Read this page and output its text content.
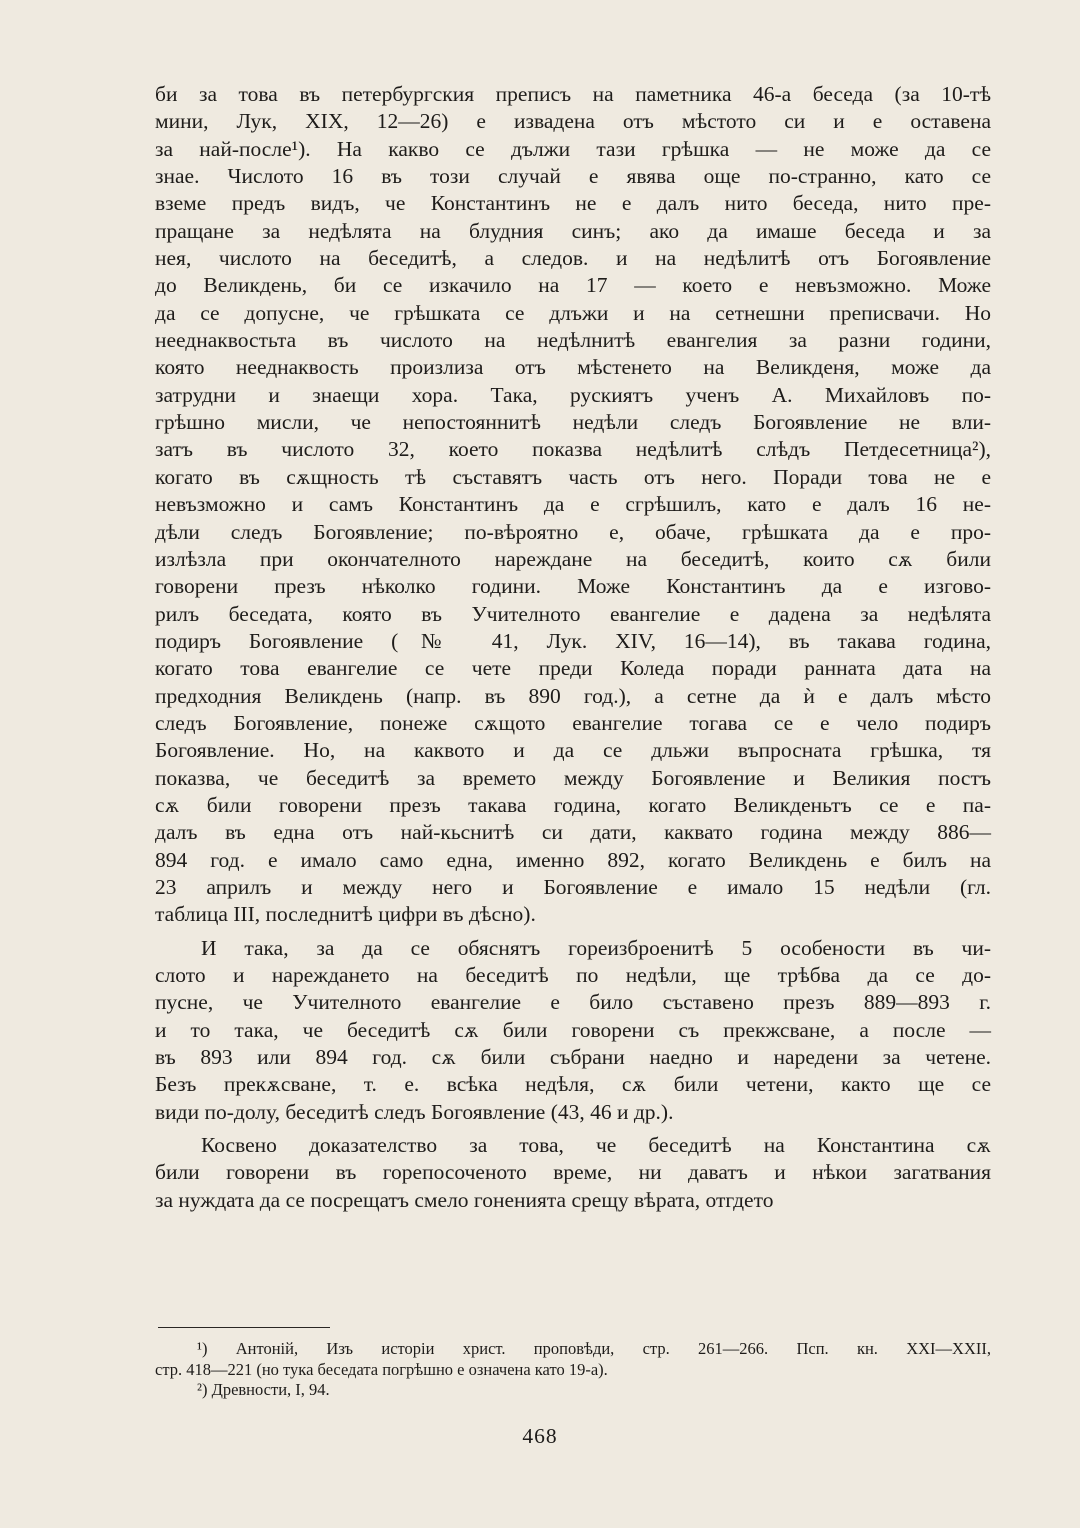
би за това въ петербургския преписъ на паметника 46-а беседа (за 10-тѣ
мини, Лук, XIX, 12—26) е извадена отъ мѣстото си и е оставена
за най-после¹). На какво се дължи тази грѣшка — не може да се
знае. Числото 16 въ този случай е явява още по-странно, като се
вземе предъ видъ, че Константинъ не е далъ нито беседа, нито пре-
пращане за недѣлята на блудния синъ; ако да имаше беседа и за
нея, числото на беседитѣ, а следов. и на недѣлитѣ отъ Богоявление
до Великдень, би се изкачило на 17 — което е невъзможно. Може
да се допусне, че грѣшката се длъжи и на сетнешни преписвачи. Но
нееднаквостьта въ числото на недѣлнитѣ евангелия за разни години,
която нееднаквость произлиза отъ мѣстенето на Великденя, може да
затрудни и знаещи хора. Така, рускиятъ ученъ А. Михайловъ по-
грѣшно мисли, че непостояннитѣ недѣли следъ Богоявление не вли-
затъ въ числото 32, което показва недѣлитѣ слѣдъ Петдесетница²),
когато въ сѫщность тѣ съставятъ часть отъ него. Поради това не е
невъзможно и самъ Константинъ да е сгрѣшилъ, като е далъ 16 не-
дѣли следъ Богоявление; по-вѣроятно е, обаче, грѣшката да е про-
излѣзла при окончателното нареждане на беседитѣ, които сѫ били
говорени презъ нѣколко години. Може Константинъ да е изгово-
рилъ беседата, която въ Учителното евангелие е дадена за недѣлята
подиръ Богоявление (№ 41, Лук. XIV, 16—14), въ такава година,
когато това евангелие се чете преди Коледа поради ранната дата на
предходния Великдень (напр. въ 890 год.), а сетне да ѝ е далъ мѣсто
следъ Богоявление, понеже сѫщото евангелие тогава се е чело подиръ
Богоявление. Но, на каквото и да се дльжи въпросната грѣшка, тя
показва, че беседитѣ за времето между Богоявление и Великия постъ
сѫ били говорени презъ такава година, когато Великденьтъ се е па-
далъ въ една отъ най-кьснитѣ си дати, каквато година между 886—
894 год. е имало само една, именно 892, когато Великдень е билъ на
23 априлъ и между него и Богоявление е имало 15 недѣли (гл.
таблица III, последнитѣ цифри въ дѣсно).
И така, за да се обяснятъ гореизброенитѣ 5 особености въ чи-
слото и нареждането на беседитѣ по недѣли, ще трѣбва да се до-
пусне, че Учителното евангелие е било съставено презъ 889—893 г.
и то така, че беседитѣ сѫ били говорени съ прекжсване, а после —
въ 893 или 894 год. сѫ били събрани наедно и наредени за четене.
Безъ прекѫсване, т. е. всѣка недѣля, сѫ били четени, както ще се
види по-долу, беседитѣ следъ Богоявление (43, 46 и др.).
Косвено доказателство за това, че беседитѣ на Константина сѫ
били говорени въ горепосоченото време, ни даватъ и нѣкои загатвания
за нуждата да се посрещатъ смело гоненията срещу вѣрата, отгдето
¹) Антоній, Изъ исторіи христ. проповѣди, стр. 261—266. Псп. кн. XXI—XXII,
стр. 418—221 (но тука беседата погрѣшно е означена като 19-а).
²) Древности, I, 94.
468
